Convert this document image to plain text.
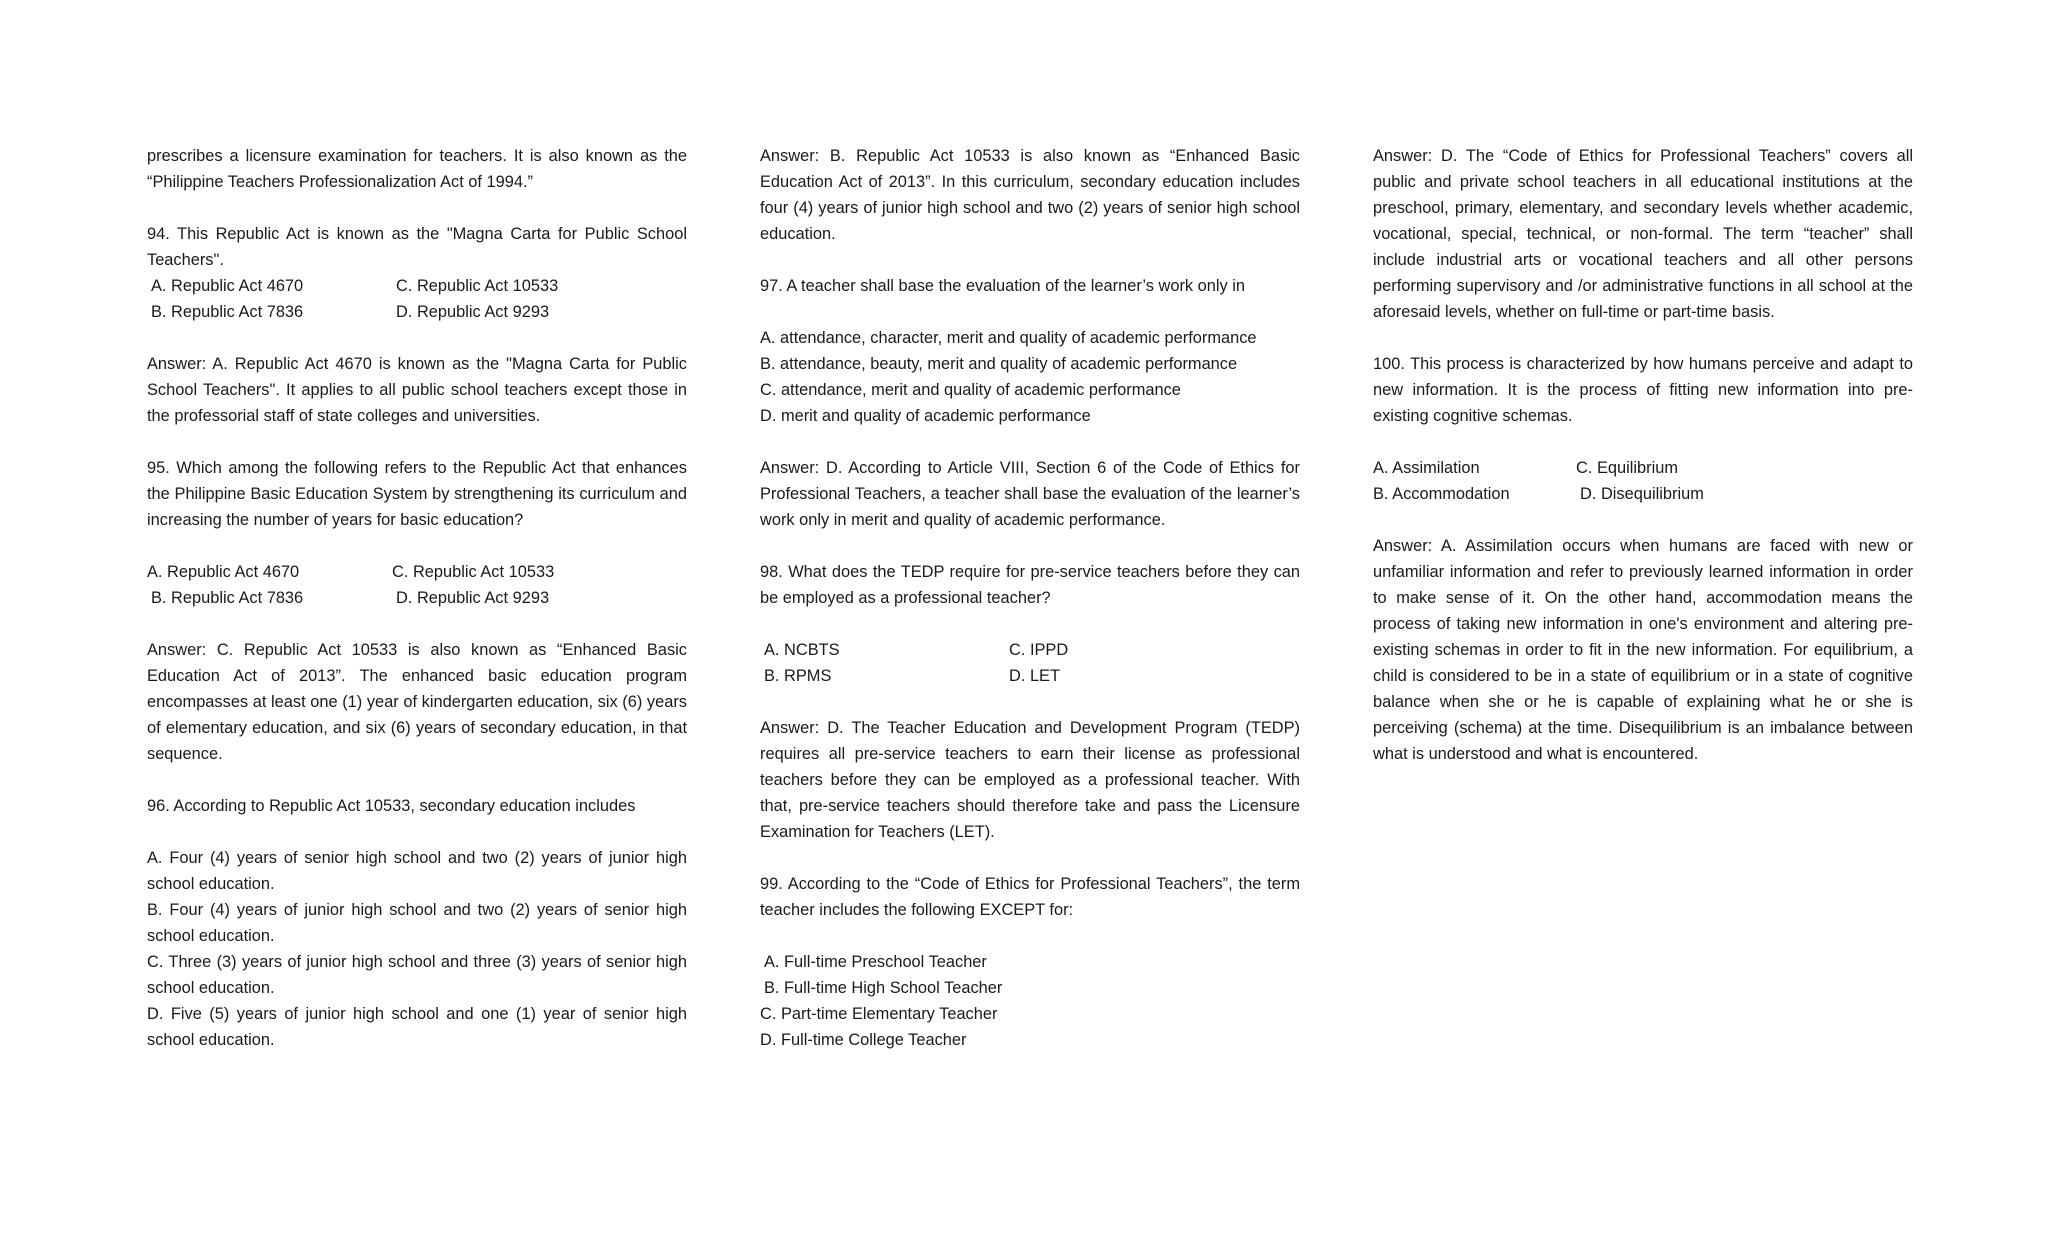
prescribes a licensure examination for teachers. It is also known as the “Philippine Teachers Professionalization Act of 1994.”

94. This Republic Act is known as the "Magna Carta for Public School Teachers".

A. Republic Act 4670	C. Republic Act 10533
B. Republic Act 7836	D. Republic Act 9293

Answer: A. Republic Act 4670 is known as the "Magna Carta for Public School Teachers". It applies to all public school teachers except those in the professorial staff of state colleges and universities.

95. Which among the following refers to the Republic Act that enhances the Philippine Basic Education System by strengthening its curriculum and increasing the number of years for basic education?

A. Republic Act 4670	C. Republic Act 10533
B. Republic Act 7836	D. Republic Act 9293

Answer: C. Republic Act 10533 is also known as “Enhanced Basic Education Act of 2013”. The enhanced basic education program encompasses at least one (1) year of kindergarten education, six (6) years of elementary education, and six (6) years of secondary education, in that sequence.

96. According to Republic Act 10533, secondary education includes

A. Four (4) years of senior high school and two (2) years of junior high school education.

B. Four (4) years of junior high school and two (2) years of senior high school education.

C. Three (3) years of junior high school and three (3) years of senior high school education.

D. Five (5) years of junior high school and one (1) year of senior high school education.

Answer: B. Republic Act 10533 is also known as “Enhanced Basic Education Act of 2013”. In this curriculum, secondary education includes four (4) years of junior high school and two (2) years of senior high school education.

97. A teacher shall base the evaluation of the learner’s work only in

A. attendance, character, merit and quality of academic performance

B. attendance, beauty, merit and quality of academic performance

C. attendance, merit and quality of academic performance

D. merit and quality of academic performance

Answer: D. According to Article VIII, Section 6 of the Code of Ethics for Professional Teachers, a teacher shall base the evaluation of the learner’s work only in merit and quality of academic performance.

98. What does the TEDP require for pre-service teachers before they can be employed as a professional teacher?

A. NCBTS	C. IPPD
B. RPMS	D. LET

Answer: D. The Teacher Education and Development Program (TEDP) requires all pre-service teachers to earn their license as professional teachers before they can be employed as a professional teacher. With that, pre-service teachers should therefore take and pass the Licensure Examination for Teachers (LET).

99. According to the “Code of Ethics for Professional Teachers”, the term teacher includes the following EXCEPT for:

A. Full-time Preschool Teacher

B. Full-time High School Teacher

C. Part-time Elementary Teacher

D. Full-time College Teacher

Answer: D. The “Code of Ethics for Professional Teachers” covers all public and private school teachers in all educational institutions at the preschool, primary, elementary, and secondary levels whether academic, vocational, special, technical, or non-formal. The term “teacher” shall include industrial arts or vocational teachers and all other persons performing supervisory and /or administrative functions in all school at the aforesaid levels, whether on full-time or part-time basis.

100. This process is characterized by how humans perceive and adapt to new information. It is the process of fitting new information into pre-existing cognitive schemas.

A. Assimilation	C. Equilibrium
B. Accommodation	D. Disequilibrium

Answer: A. Assimilation occurs when humans are faced with new or unfamiliar information and refer to previously learned information in order to make sense of it. On the other hand, accommodation means the process of taking new information in one's environment and altering pre-existing schemas in order to fit in the new information. For equilibrium, a child is considered to be in a state of equilibrium or in a state of cognitive balance when she or he is capable of explaining what he or she is perceiving (schema) at the time. Disequilibrium is an imbalance between what is understood and what is encountered.
